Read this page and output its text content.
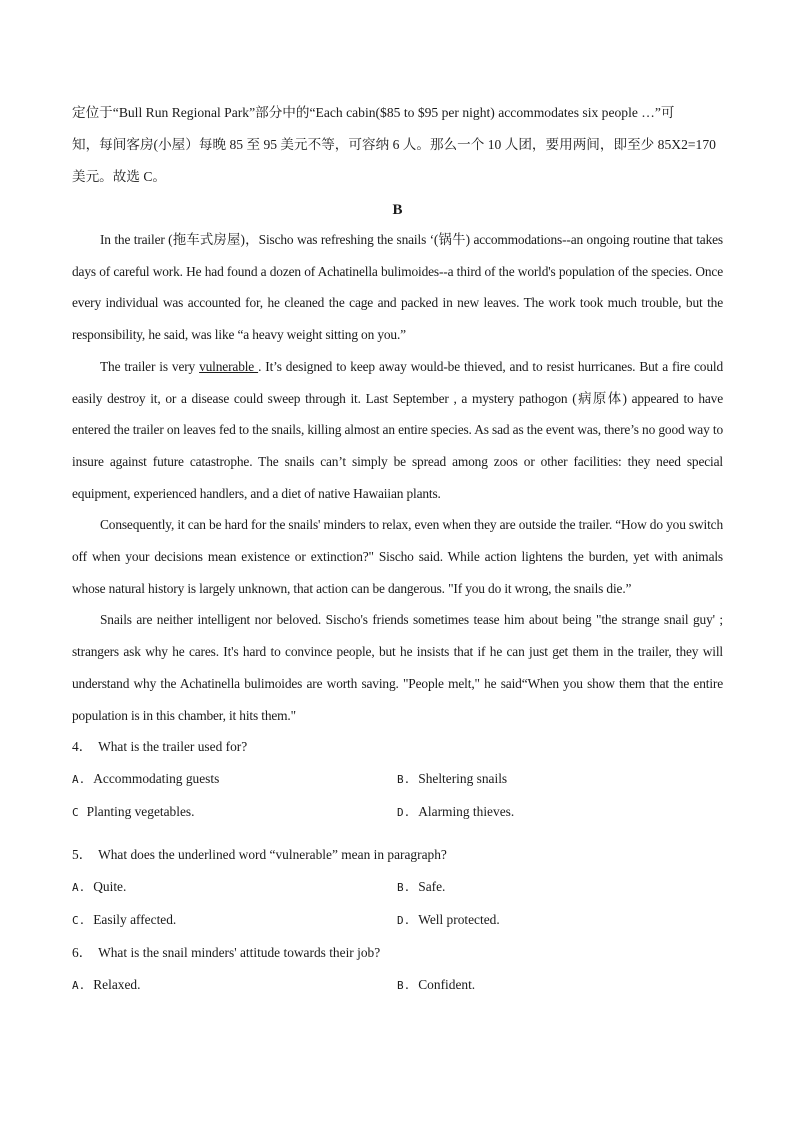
定位于“Bull Run Regional Park”部分中的“Each cabin($85 to $95 per night) accommodates six people …”可

知，每间客房(小屋）每晚 85 至 95 美元不等，可容纳 6 人。那么一个 10 人团，要用两间，即至少 85X2=170

美元。故选 C。

B

In the trailer (拖车式房屋)，Sischo was refreshing the snails ‘(锅牛) accommodations--an ongoing routine that takes days of careful work. He had found a dozen of Achatinella bulimoides--a third of the world's population of the species. Once every individual was accounted for, he cleaned the cage and packed in new leaves. The work took much trouble, but the responsibility, he said, was like “a heavy weight sitting on you.”

The trailer is very vulnerable . It’s designed to keep away would-be thieved, and to resist hurricanes. But a fire could easily destroy it, or a disease could sweep through it. Last September , a mystery pathogon (病原体) appeared to have entered the trailer on leaves fed to the snails, killing almost an entire species. As sad as the event was, there’s no good way to insure against future catastrophe. The snails can’t simply be spread among zoos or other facilities: they need special equipment, experienced handlers, and a diet of native Hawaiian plants.

Consequently, it can be hard for the snails' minders to relax, even when they are outside the trailer. “How do you switch off when your decisions mean existence or extinction?" Sischo said. While action lightens the burden, yet with animals whose natural history is largely unknown, that action can be dangerous. "If you do it wrong, the snails die.”

Snails are neither intelligent nor beloved. Sischo's friends sometimes tease him about being "the strange snail guy' ; strangers ask why he cares. It's hard to convince people, but he insists that if he can just get them in the trailer, they will understand why the Achatinella bulimoides are worth saving. "People melt," he said“When you show them that the entire population is in this chamber, it hits them."

4． What is the trailer used for?

A. Accommodating guests	B. Sheltering snails
C Planting vegetables.	D. Alarming thieves.

5． What does the underlined word “vulnerable” mean in paragraph?

A. Quite.	B. Safe.
C. Easily affected.	D. Well protected.

6． What is the snail minders' attitude towards their job?

A. Relaxed.	B. Confident.
